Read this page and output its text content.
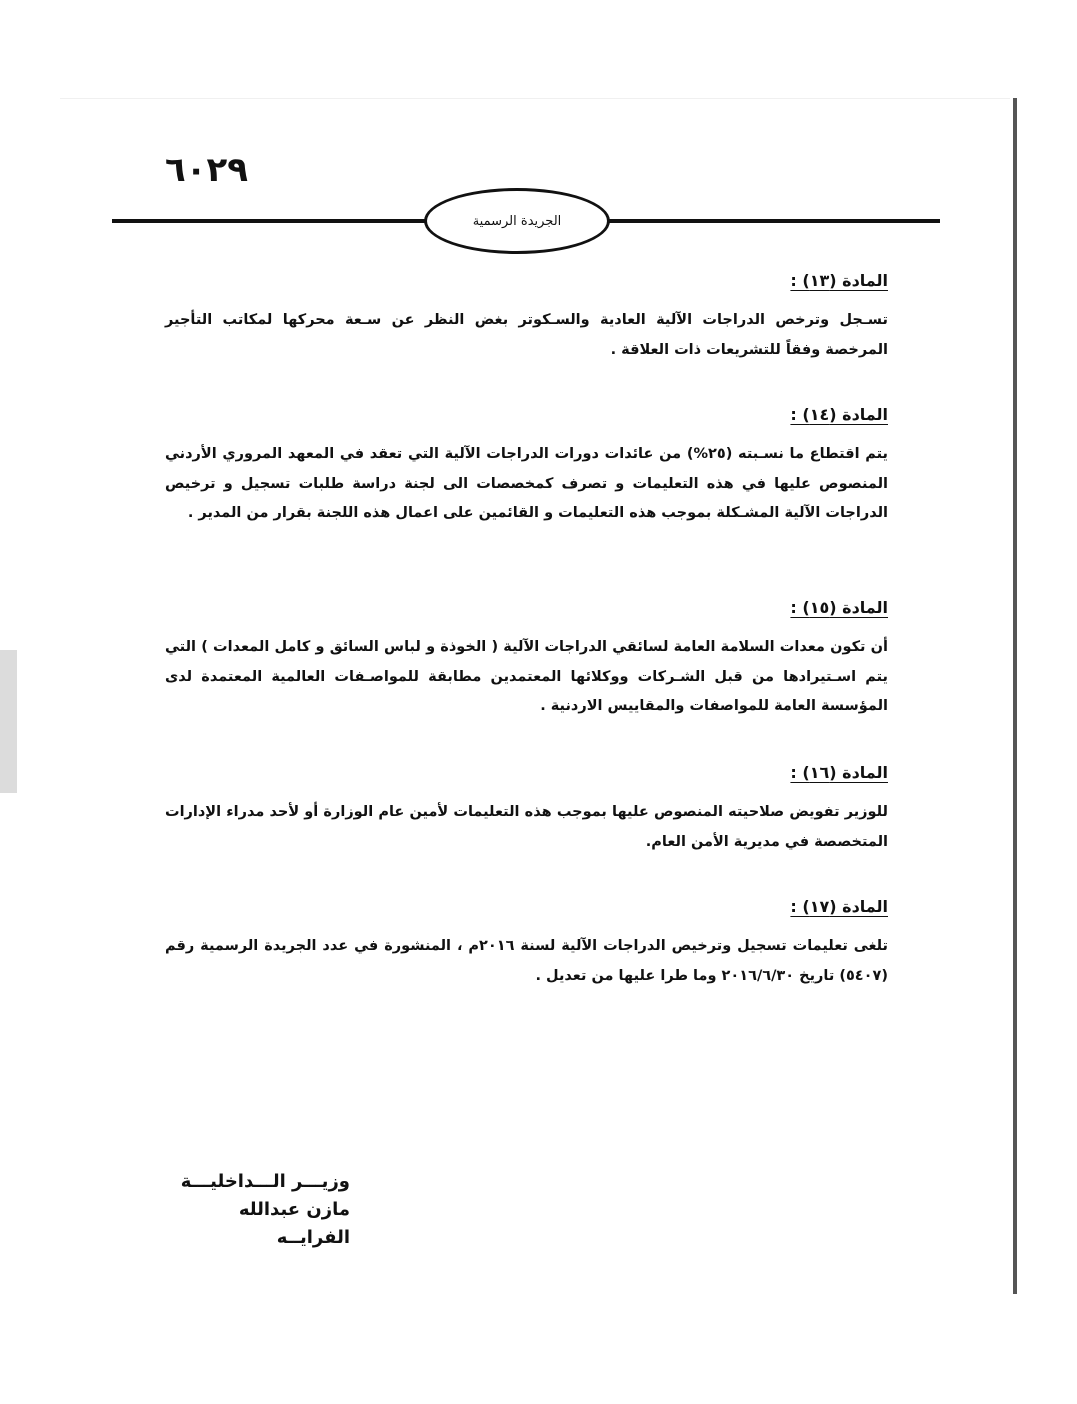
٦٠٢٩
الجريدة الرسمية
المادة (١٣) :

تسـجل وترخص الدراجات الآلية العادية والسـكوتر بغض النظر عن سـعة محركها لمكاتب التأجير المرخصة وفقاً للتشريعات ذات العلاقة .

المادة (١٤) :

يتم اقتطاع ما نسـبته (٢٥%) من عائدات دورات الدراجات الآلية التي تعقد في المعهد المروري الأردني المنصوص عليها في هذه التعليمات و تصرف كمخصصات الى لجنة دراسة طلبات تسجيل و ترخيص الدراجات الآلية المشـكلة بموجب هذه التعليمات و القائمين على اعمال هذه اللجنة بقرار من المدير .

المادة (١٥) :

أن تكون معدات السلامة العامة لسائقي الدراجات الآلية ( الخوذة و لباس السائق و كامل المعدات ) التي يتم اسـتيرادها من قبل الشـركات ووكلائها المعتمدين مطابقة للمواصـفات العالمية المعتمدة لدى المؤسسة العامة للمواصفات والمقاييس الاردنية .

المادة (١٦) :

للوزير تفويض صلاحيته المنصوص عليها بموجب هذه التعليمات لأمين عام الوزارة أو لأحد مدراء الإدارات المتخصصة في مديرية الأمن العام.

المادة (١٧) :

تلغى تعليمات تسجيل وترخيص الدراجات الآلية لسنة ٢٠١٦م ، المنشورة في عدد الجريدة الرسمية رقم (٥٤٠٧) تاريخ ٢٠١٦/٦/٣٠ وما طرا عليها من تعديل .

وزيـــر الـــداخليـــة
مازن عبدالله الفرايــه
